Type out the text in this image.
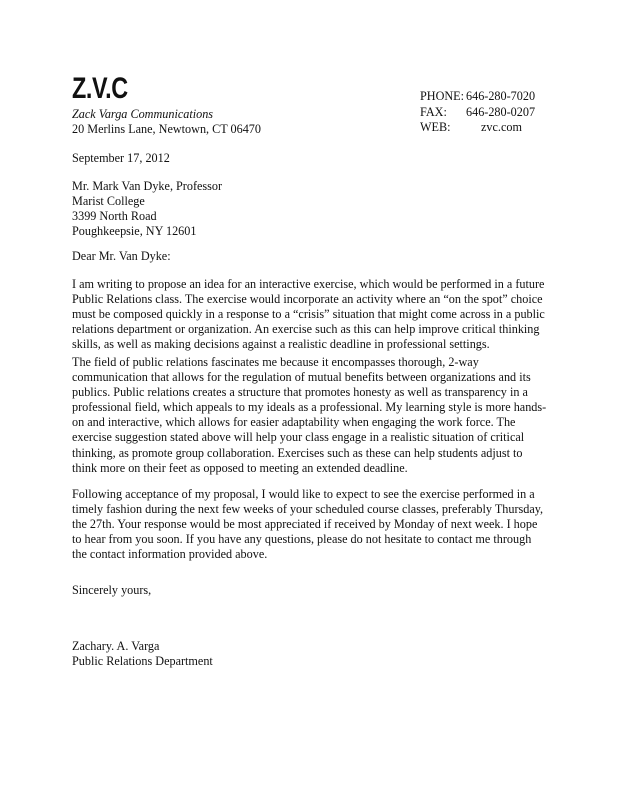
Z.V.C
Zack Varga Communications
20 Merlins Lane, Newtown, CT 06470
PHONE: 646-280-7020
FAX:	646-280-0207
WEB:	zvc.com
September 17, 2012
Mr. Mark Van Dyke, Professor
Marist College
3399 North Road
Poughkeepsie, NY 12601
Dear Mr. Van Dyke:
I am writing to propose an idea for an interactive exercise, which would be performed in a future
Public Relations class. The exercise would incorporate an activity where an “on the spot” choice
must be composed quickly in a response to a “crisis” situation that might come across in a public
relations department or organization. An exercise such as this can help improve critical thinking
skills, as well as making decisions against a realistic deadline in professional settings.
The field of public relations fascinates me because it encompasses thorough, 2-way
communication that allows for the regulation of mutual benefits between organizations and its
publics. Public relations creates a structure that promotes honesty as well as transparency in a
professional field, which appeals to my ideals as a professional. My learning style is more hands-
on and interactive, which allows for easier adaptability when engaging the work force. The
exercise suggestion stated above will help your class engage in a realistic situation of critical
thinking, as promote group collaboration. Exercises such as these can help students adjust to
think more on their feet as opposed to meeting an extended deadline.
Following acceptance of my proposal, I would like to expect to see the exercise performed in a
timely fashion during the next few weeks of your scheduled course classes, preferably Thursday,
the 27th. Your response would be most appreciated if received by Monday of next week. I hope
to hear from you soon. If you have any questions, please do not hesitate to contact me through
the contact information provided above.
Sincerely yours,
Zachary. A. Varga
Public Relations Department
